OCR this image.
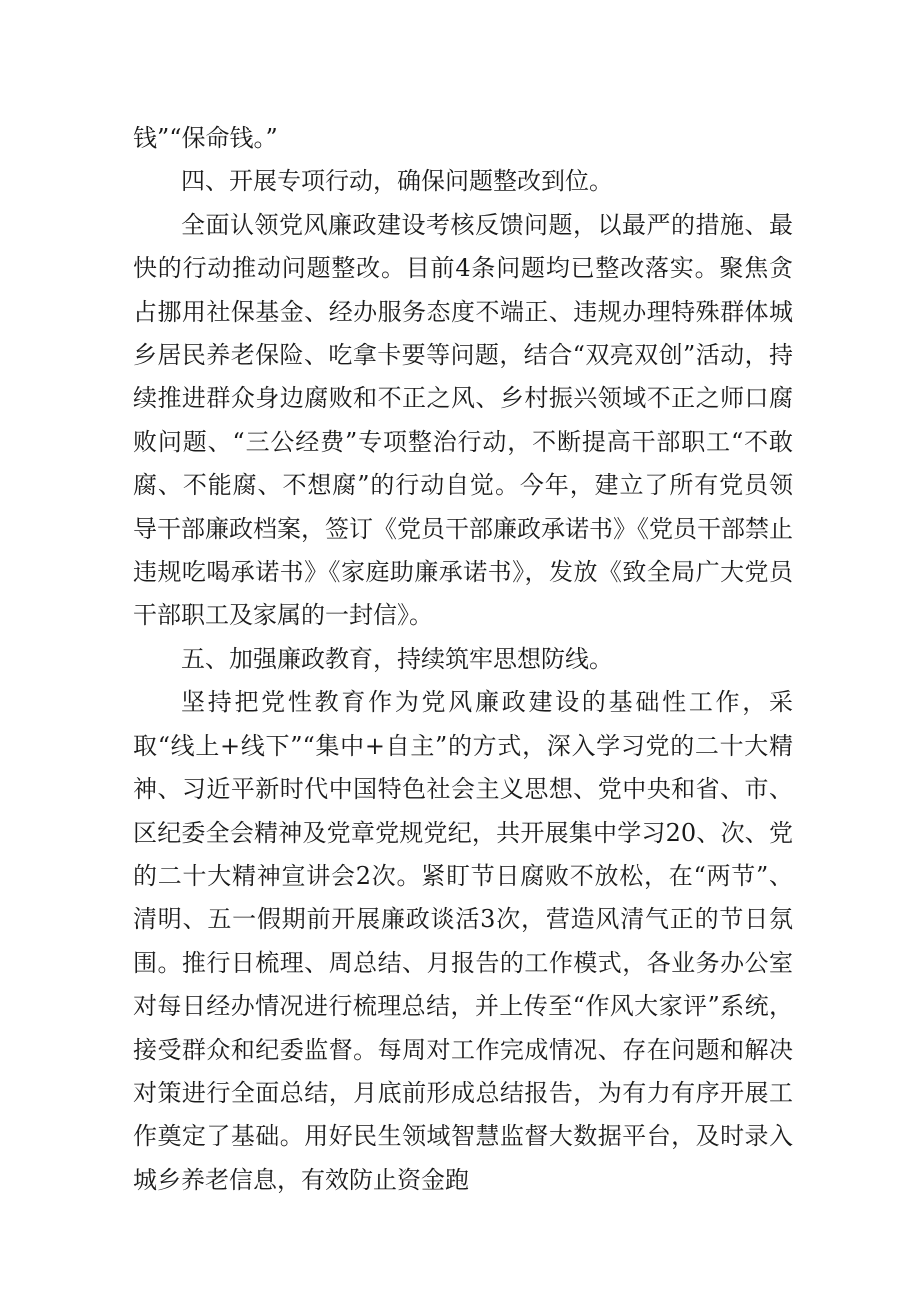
钱”“保命钱。”

四、开展专项行动，确保问题整改到位。

全面认领党风廉政建设考核反馈问题，以最严的措施、最快的行动推动问题整改。目前4条问题均已整改落实。聚焦贪占挪用社保基金、经办服务态度不端正、违规办理特殊群体城乡居民养老保险、吃拿卡要等问题，结合“双亮双创”活动，持续推进群众身边腐败和不正之风、乡村振兴领域不正之师口腐败问题、“三公经费”专项整治行动，不断提高干部职工“不敢腐、不能腐、不想腐”的行动自觉。今年，建立了所有党员领导干部廉政档案，签订《党员干部廉政承诺书》《党员干部禁止违规吃喝承诺书》《家庭助廉承诺书》，发放《致全局广大党员干部职工及家属的一封信》。

五、加强廉政教育，持续筑牢思想防线。

坚持把党性教育作为党风廉政建设的基础性工作，采取“线上+线下”“集中+自主”的方式，深入学习党的二十大精神、习近平新时代中国特色社会主义思想、党中央和省、市、区纪委全会精神及党章党规党纪，共开展集中学习20、次、党的二十大精神宣讲会2次。紧盯节日腐败不放松，在“两节”、清明、五一假期前开展廉政谈活3次，营造风清气正的节日氛围。推行日梳理、周总结、月报告的工作模式，各业务办公室对每日经办情况进行梳理总结，并上传至“作风大家评”系统，接受群众和纪委监督。每周对工作完成情况、存在问题和解决对策进行全面总结，月底前形成总结报告，为有力有序开展工作奠定了基础。用好民生领域智慧监督大数据平台，及时录入城乡养老信息，有效防止资金跑
